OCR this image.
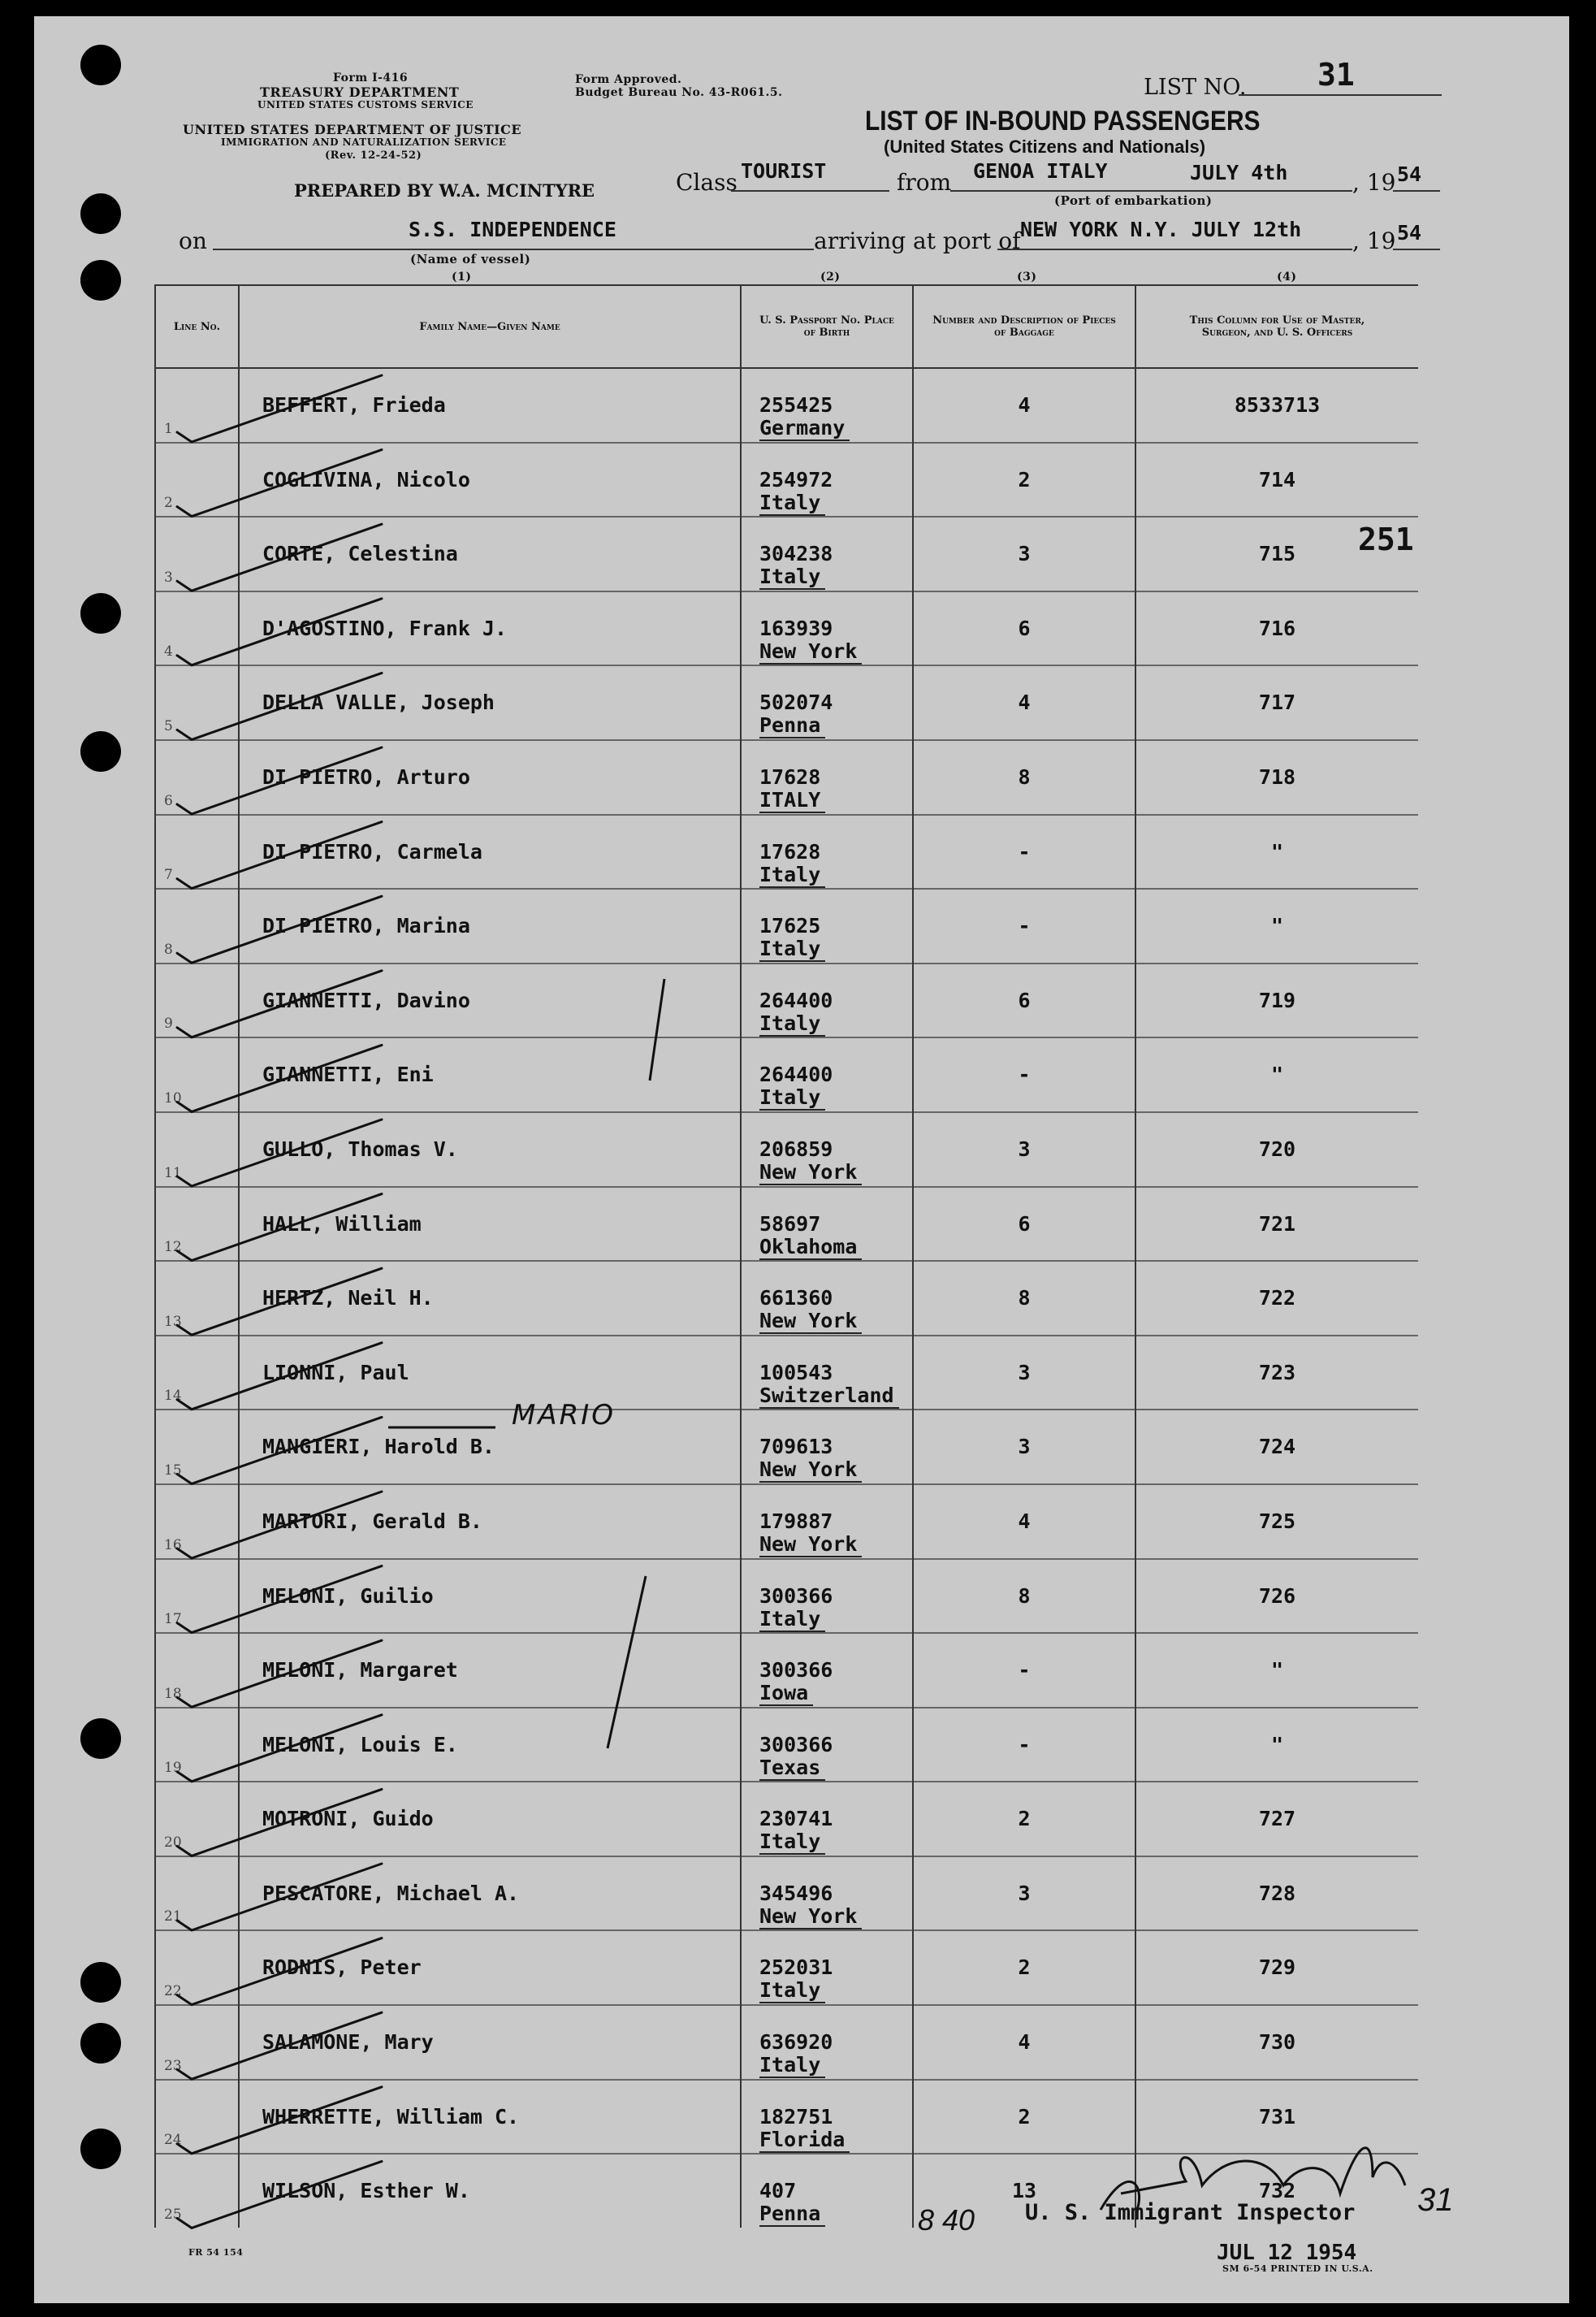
Form I-416
TREASURY DEPARTMENT
UNITED STATES CUSTOMS SERVICE
UNITED STATES DEPARTMENT OF JUSTICE
IMMIGRATION AND NATURALIZATION SERVICE
(Rev. 12-24-52)
Form Approved.
Budget Bureau No. 43-R061.5.	LIST NO. 31
LIST OF IN-BOUND PASSENGERS
(United States Citizens and Nationals)
PREPARED BY W.A. MCINTYRE	Class TOURIST	from GENOA ITALY	JULY 4th	, 19 54
(Port of embarkation)
on	S.S. INDEPENDENCE
(Name of vessel)
arriving at port of NEW YORK N.Y. JULY 12th , 19 54
(1)	(2)	(3)	(4)
Line No.	Family Name—Given Name	U. S. Passport No. Place of Birth	Number and Description of Pieces of Baggage	This Column for Use of Master, Surgeon, and U. S. Officers

1	BEFFERT, Frieda	255425
Germany	4	8533713

2	COGLIVINA, Nicolo	254972
Italy	2	714

3	CORTE, Celestina	304238
Italy	3	715

4	D'AGOSTINO, Frank J.	163939
New York	6	716

5	DELLA VALLE, Joseph	502074
Penna	4	717

6	DI PIETRO, Arturo	17628
ITALY	8	718

7	DI PIETRO, Carmela	17628
Italy	-	"

8	DI PIETRO, Marina	17625
Italy	-	"

9	GIANNETTI, Davino	264400
Italy	6	719

10	GIANNETTI, Eni	264400
Italy	-	"

11	GULLO, Thomas V.	206859
New York	3	720

12	HALL, William	58697
Oklahoma	6	721

13	HERTZ, Neil H.	661360
New York	8	722

14	LIONNI, Paul	100543
Switzerland	3	723

15	MANGIERI, Harold B.	709613
New York	3	724

16	MARTORI, Gerald B.	179887
New York	4	725

17	MELONI, Guilio	300366
Italy	8	726

18	MELONI, Margaret	300366
Iowa	-	"

19	MELONI, Louis E.	300366
Texas	-	"

20	MOTRONI, Guido	230741
Italy	2	727

21	PESCATORE, Michael A.	345496
New York	3	728

22	RODNIS, Peter	252031
Italy	2	729

23	SALAMONE, Mary	636920
Italy	4	730

24	WHERRETTE, William C.	182751
Florida	2	731

25	WILSON, Esther W.	407
Penna	13	732
251
MARIO
U. S. Immigrant Inspector 31
JUL 12 1954
8 40
FR 54 154
SM 6-54 PRINTED IN U.S.A.
